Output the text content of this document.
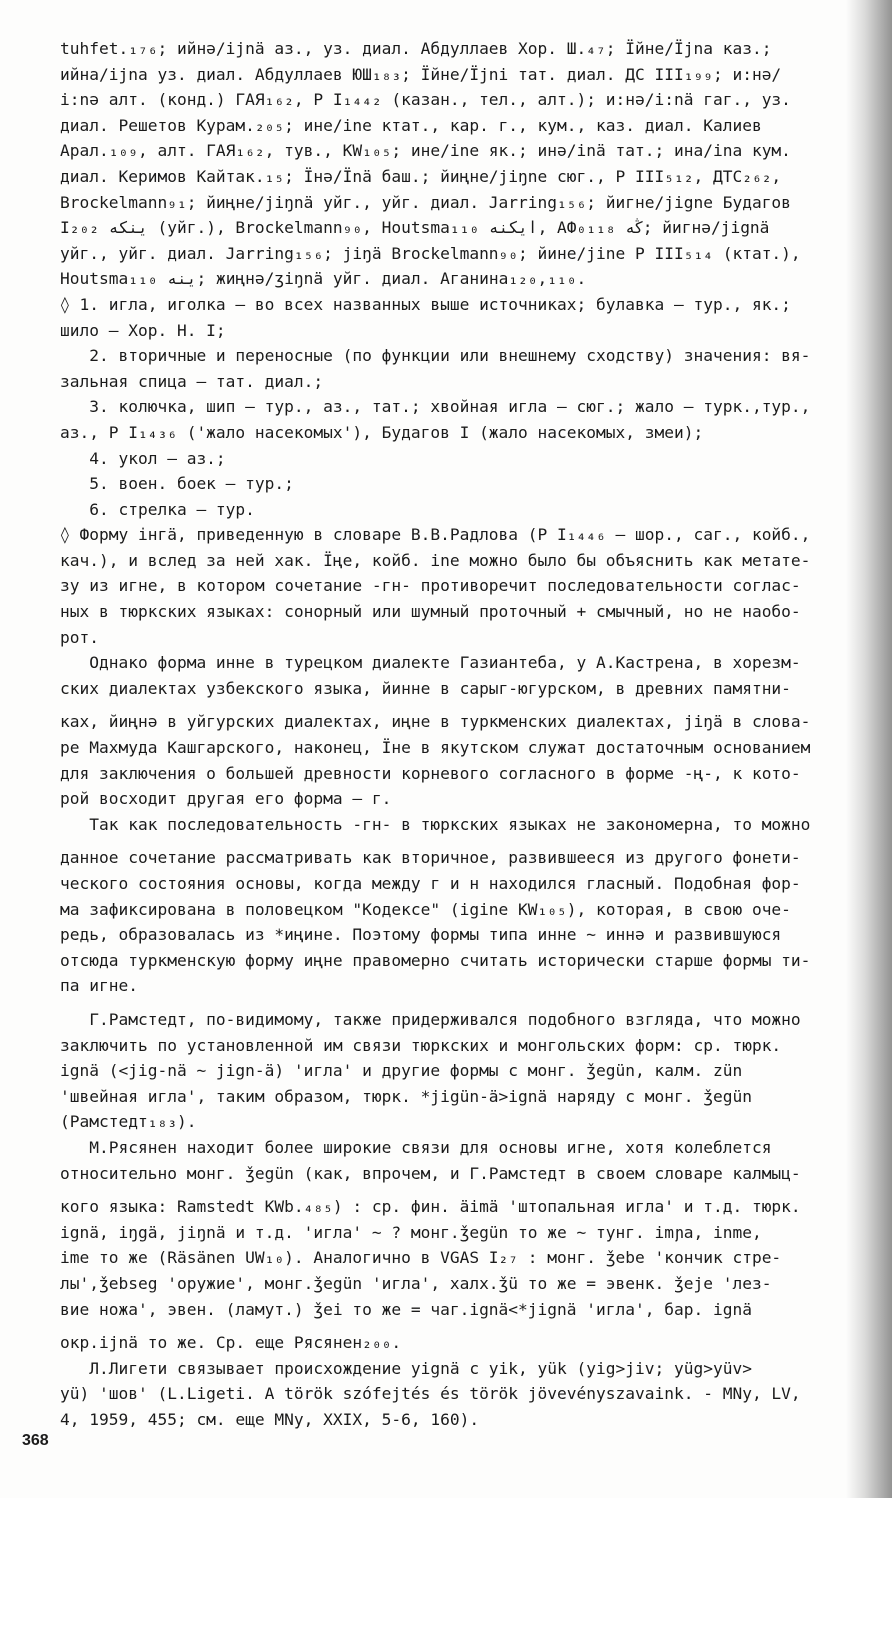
tuhfet.₁₇₆; ийнə/ijnä аз., уз. диал. Абдуллаев Хор. Ш.₄₇; Їйне/Їjna каз.;
ийна/ijna уз. диал. Абдуллаев ЮШ₁₈₃; Їйне/Їjni тат. диал. ДС III₁₉₉; и:нə/
i:nə алт. (конд.) ГАЯ₁₆₂, Р I₁₄₄₂ (казан., тел., алт.); и:нə/i:nä гаг., уз.
диал. Решетов Курам.₂₀₅; ине/ine ктат., кар. г., кум., каз. диал. Калиев
Арал.₁₀₉, алт. ГАЯ₁₆₂, тув., KW₁₀₅; ине/ine як.; инə/inä тат.; ина/ina кум.
диал. Керимов Кайтак.₁₅; Їнə/Їnä баш.; йиңне/jiŋne сюг., Р III₅₁₂, ДТС₂₆₂,
Brockelmann₉₁; йиңне/jiŋnä уйг., уйг. диал. Jarring₁₅₆; йигне/jigne Будагов
I₂₀₂ ينكه (уйг.), Brockelmann₉₀, Houtsma₁₁₀ ايكنه, АФ₀₁₁₈ ڭه; йигнə/jignä
уйг., уйг. диал. Jarring₁₅₆; jiŋä Brockelmann₉₀; йине/jine Р III₅₁₄ (ктат.),
Houtsma₁₁₀ ينه; жиңнə/ӡiŋnä уйг. диал. Аганина₁₂₀,₁₁₀.
◊ 1. игла, иголка – во всех названных выше источниках; булавка – тур., як.;
шило – Хор. Н. I;
2. вторичные и переносные (по функции или внешнему сходству) значения: вя-
зальная спица – тат. диал.;
3. колючка, шип – тур., аз., тат.; хвойная игла – сюг.; жало – турк.,тур.,
аз., Р I₁₄₃₆ ('жало насекомых'), Будагов I (жало насекомых, змеи);
4. укол – аз.;
5. воен. боек – тур.;
6. стрелка – тур.
◊ Форму інгä, приведенную в словаре В.В.Радлова (Р I₁₄₄₆ – шор., саг., койб.,
кач.), и вслед за ней хак. Їңе, койб. ine можно было бы объяснить как метате-
зу из игне, в котором сочетание -гн- противоречит последовательности соглас-
ных в тюркских языках: сонорный или шумный проточный + смычный, но не наобо-
рот.
Однако форма инне в турецком диалекте Газиантеба, у А.Кастрена, в хорезм-
ских диалектах узбекского языка, йинне в сарыг-югурском, в древних памятни-
ках, йиңнə в уйгурских диалектах, иңне в туркменских диалектах, jiŋä в слова-
ре Махмуда Кашгарского, наконец, Їне в якутском служат достаточным основанием
для заключения о большей древности корневого согласного в форме -ң-, к кото-
рой восходит другая его форма – г.
Так как последовательность -гн- в тюркских языках не закономерна, то можно
данное сочетание рассматривать как вторичное, развившееся из другого фонети-
ческого состояния основы, когда между г и н находился гласный. Подобная фор-
ма зафиксирована в половецком "Кодексе" (igine KW₁₀₅), которая, в свою оче-
редь, образовалась из *иңине. Поэтому формы типа инне ~ иннə и развившуюся
отсюда туркменскую форму иңне правомерно считать исторически старше формы ти-
па игне.
Г.Рамстедт, по-видимому, также придерживался подобного взгляда, что можно
заключить по установленной им связи тюркских и монгольских форм: ср. тюрк.
ignä (<jig-nä ~ jign-ä) 'игла' и другие формы с монг. ǯegün, калм. zün
'швейная игла', таким образом, тюрк. *jigün-ä>ignä наряду с монг. ǯegün
(Рамстедт₁₈₃).
М.Рясянен находит более широкие связи для основы игне, хотя колеблется
относительно монг. ǯegün (как, впрочем, и Г.Рамстедт в своем словаре калмыц-
кого языка: Ramstedt KWb.₄₈₅) : ср. фин. äimä 'штопальная игла' и т.д. тюрк.
ignä, iŋgä, jiŋnä и т.д. 'игла' ~ ? монг.ǯegün то же ~ тунг. imɲa, inme,
ime то же (Räsänen UW₁₀). Аналогично в VGAS I₂₇ : монг. ǯebe 'кончик стре-
лы',ǯebseg 'оружие', монг.ǯegün 'игла', халх.ǯü то же = эвенк. ǯeje 'лез-
вие ножа', эвен. (ламут.) ǯei то же = чаг.ignä<*jignä 'игла', бар. ignä
окр.ijnä то же. Ср. еще Рясянен₂₀₀.
Л.Лигети связывает происхождение yignä с yik, yük (yig>jiv; yüg>yüv>
yü) 'шов' (L.Ligeti. A török szófejtés és török jövevényszavaink. - MNy, LV,
4, 1959, 455; см. еще MNy, XXIX, 5-6, 160).
368
